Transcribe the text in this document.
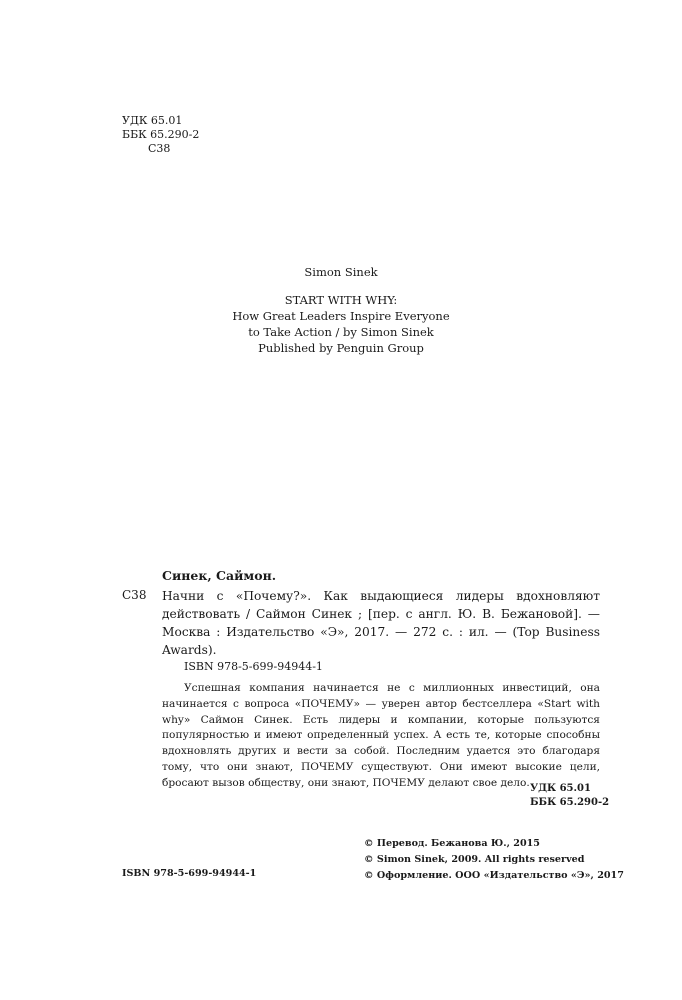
УДК 65.01
ББК 65.290-2
С38
Simon Sinek
START WITH WHY:
How Great Leaders Inspire Everyone
to Take Action / by Simon Sinek
Published by Penguin Group
Синек, Саймон.
С38 Начни с «Почему?». Как выдающиеся лидеры вдохновляют действовать / Саймон Синек ; [пер. с англ. Ю. В. Бежановой]. — Москва : Издательство «Э», 2017. — 272 с. : ил. — (Top Business Awards).
ISBN 978-5-699-94944-1
Успешная компания начинается не с миллионных инвестиций, она начинается с вопроса «ПОЧЕМУ» — уверен автор бестселлера «Start with why» Саймон Синек. Есть лидеры и компании, которые пользуются популярностью и имеют определенный успех. А есть те, которые способны вдохновлять других и вести за собой. Последним удается это благодаря тому, что они знают, ПОЧЕМУ существуют. Они имеют высокие цели, бросают вызов обществу, они знают, ПОЧЕМУ делают свое дело. УДК 65.01
ББК 65.290-2
© Перевод. Бежанова Ю., 2015
© Simon Sinek, 2009. All rights reserved
© Оформление. ООО «Издательство «Э», 2017
ISBN 978-5-699-94944-1
